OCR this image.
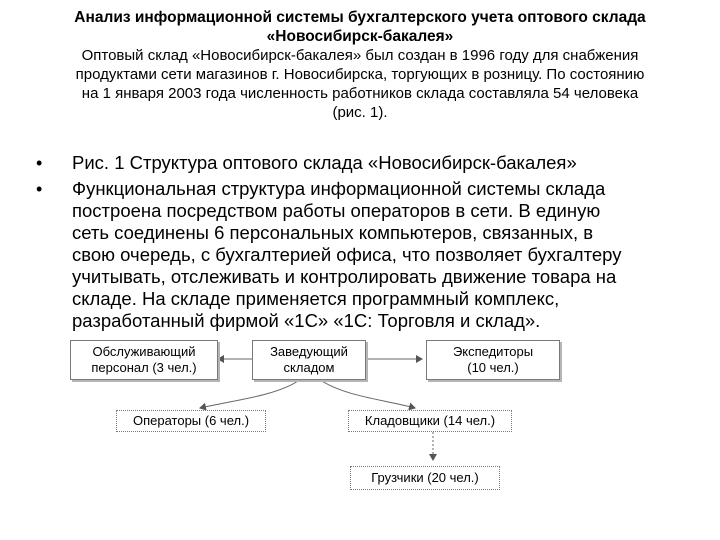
Анализ информационной системы бухгалтерского учета оптового склада
«Новосибирск-бакалея»
Оптовый склад «Новосибирск-бакалея» был создан в 1996 году для снабжения
продуктами сети магазинов г. Новосибирска, торгующих в розницу. По состоянию
на 1 января 2003 года численность работников склада составляла 54 человека
(рис. 1).
• Рис. 1 Структура оптового склада «Новосибирск-бакалея»
• Функциональная структура информационной системы склада
построена посредством работы операторов в сети. В единую
сеть соединены 6 персональных компьютеров, связанных, в
свою очередь, с бухгалтерией офиса, что позволяет бухгалтеру
учитывать, отслеживать и контролировать движение товара на
складе. На складе применяется программный комплекс,
разработанный фирмой «1С» «1С: Торговля и склад».
Обслуживающий
персонал (3 чел.)
Заведующий
складом
Экспедиторы
(10 чел.)
Операторы (6 чел.)	Кладовщики (14 чел.)
Грузчики (20 чел.)
